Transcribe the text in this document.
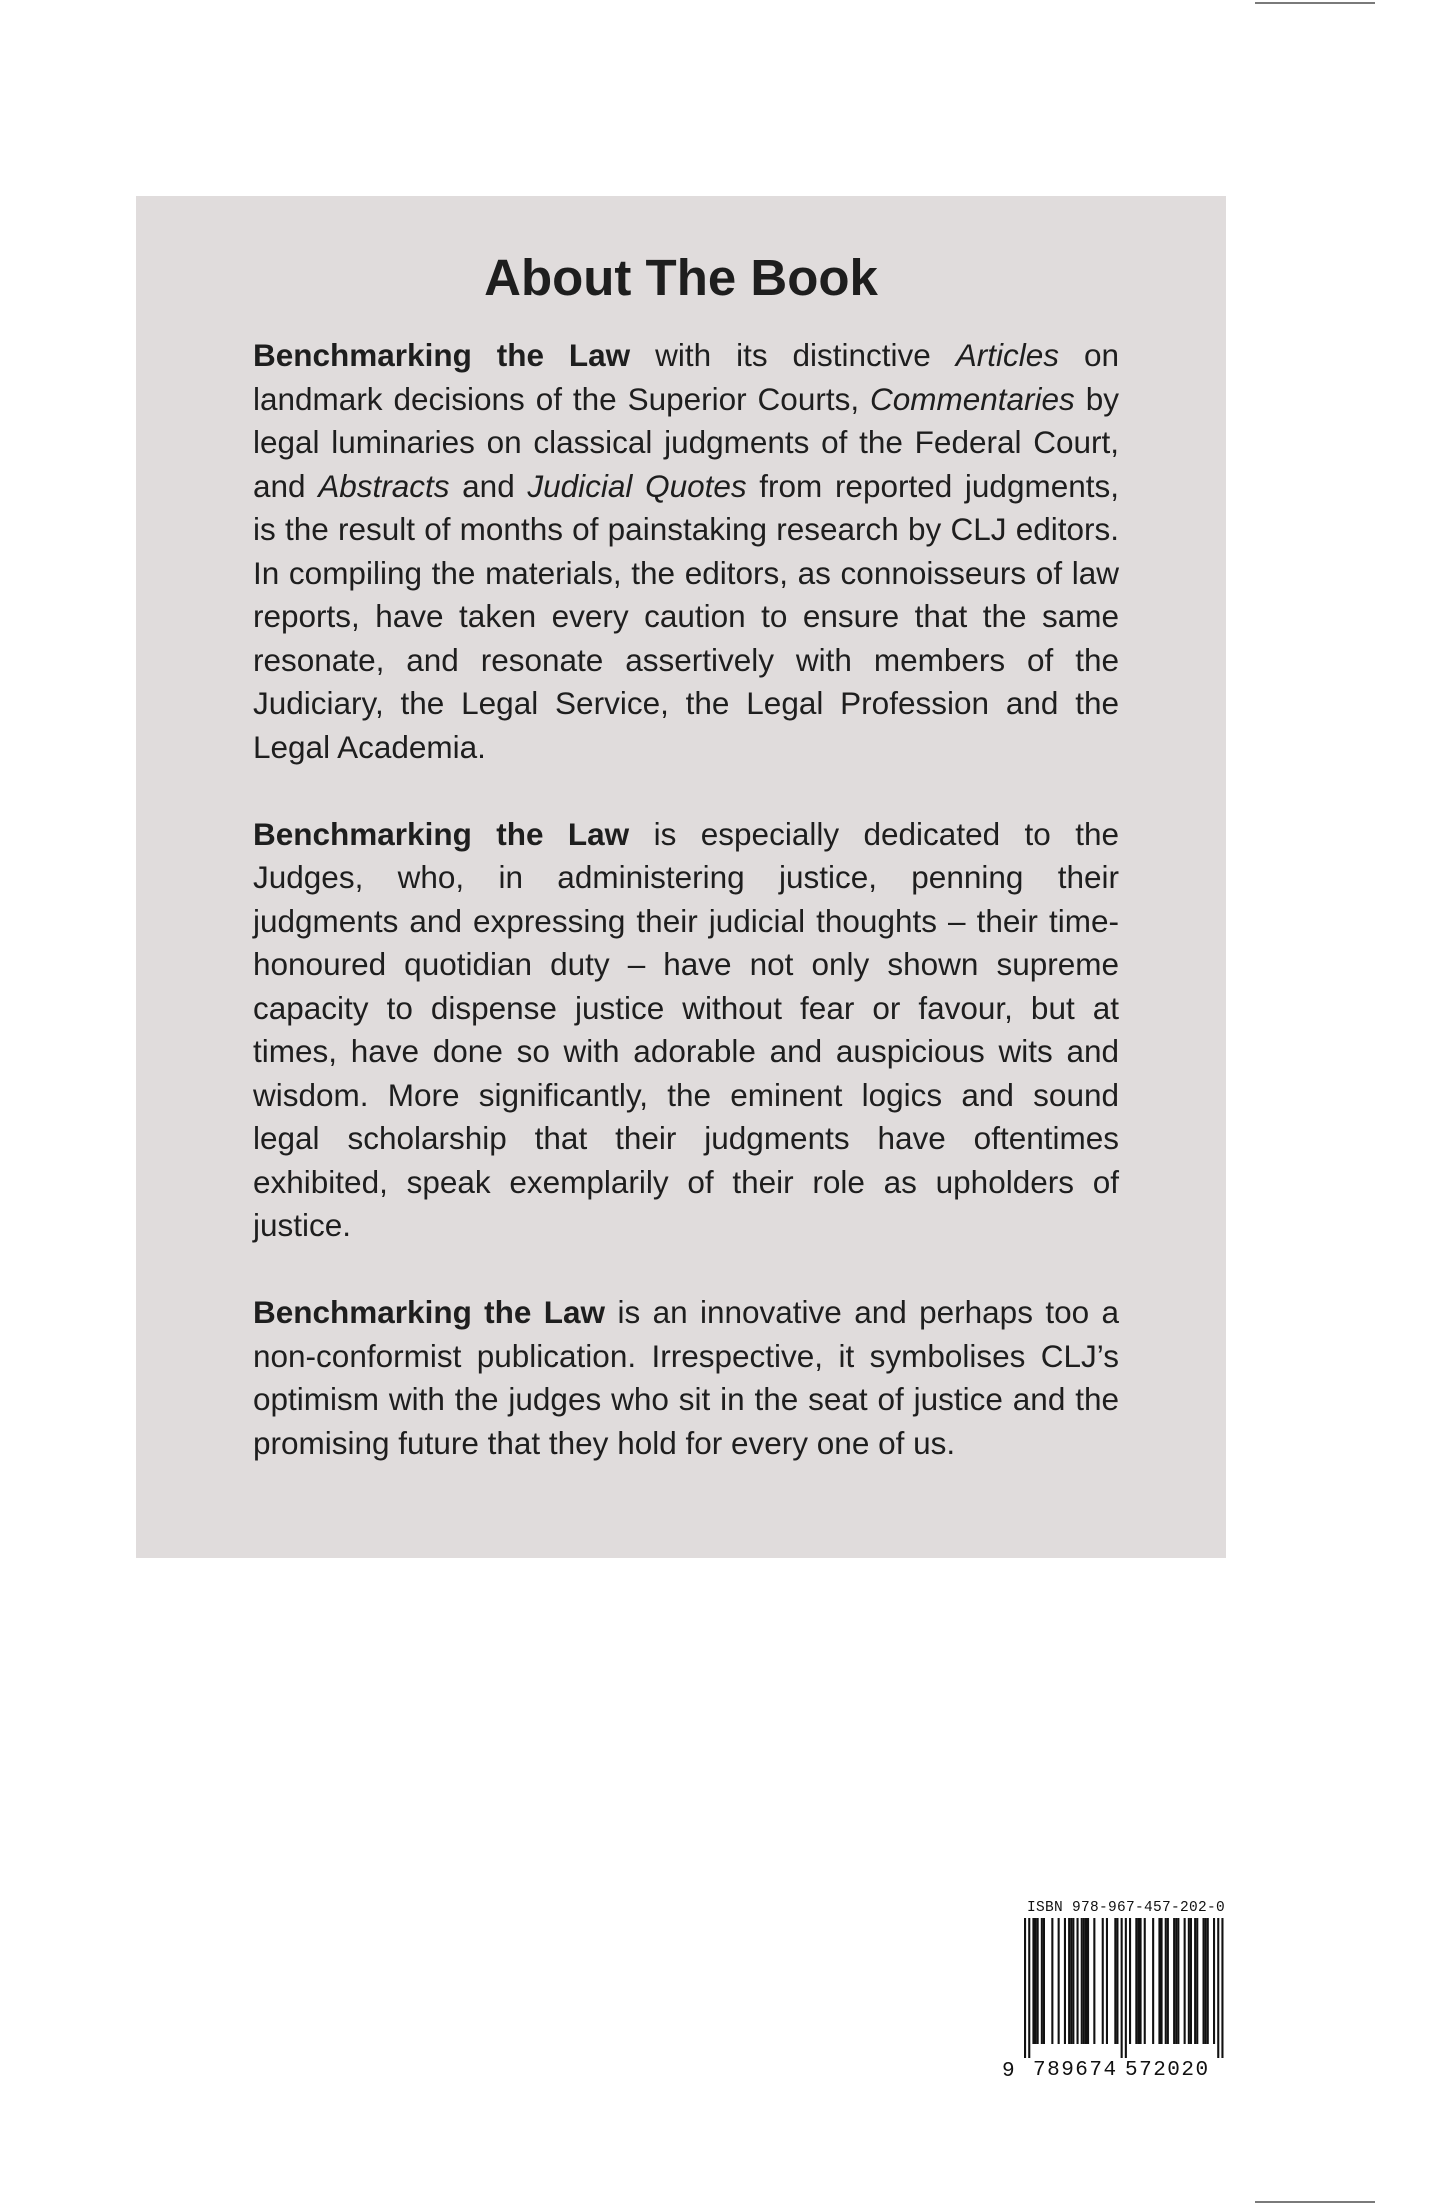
About The Book

Benchmarking the Law with its distinctive Articles on landmark decisions of the Superior Courts, Commentaries by legal luminaries on classical judgments of the Federal Court, and Abstracts and Judicial Quotes from reported judgments, is the result of months of painstaking research by CLJ editors. In compiling the materials, the editors, as connoisseurs of law reports, have taken every caution to ensure that the same resonate, and resonate assertively with members of the Judiciary, the Legal Service, the Legal Profession and the Legal Academia.

Benchmarking the Law is especially dedicated to the Judges, who, in administering justice, penning their judgments and expressing their judicial thoughts – their time-honoured quotidian duty – have not only shown supreme capacity to dispense justice without fear or favour, but at times, have done so with adorable and auspicious wits and wisdom. More significantly, the eminent logics and sound legal scholarship that their judgments have oftentimes exhibited, speak exemplarily of their role as upholders of justice.

Benchmarking the Law is an innovative and perhaps too a non-conformist publication. Irrespective, it symbolises CLJ’s optimism with the judges who sit in the seat of justice and the promising future that they hold for every one of us.

ISBN 978-967-457-202-0
9 789674 572020
